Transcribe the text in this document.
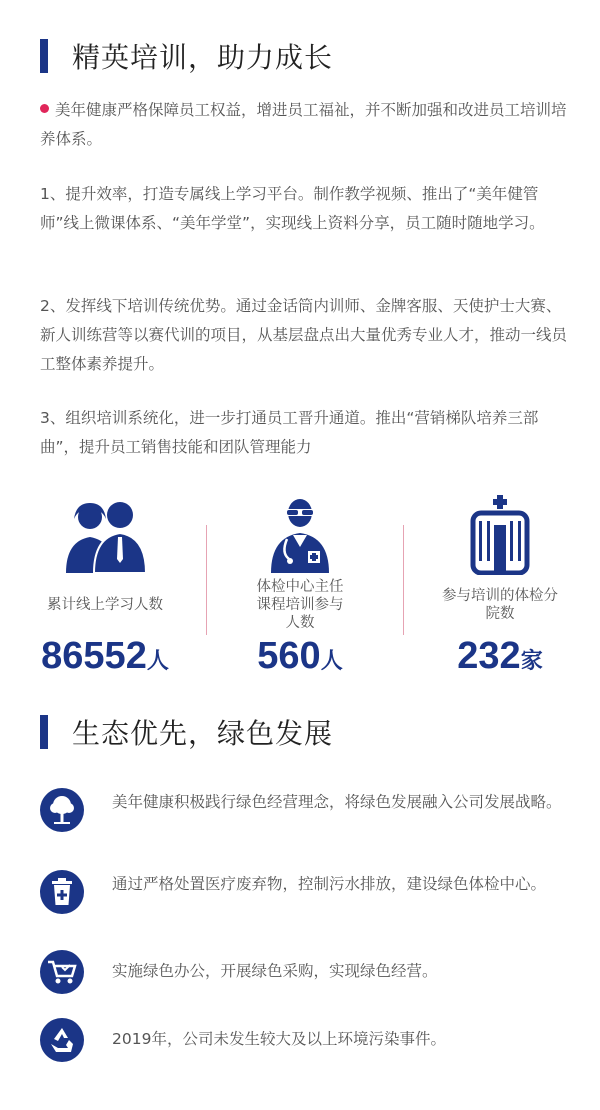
精英培训，助力成长
美年健康严格保障员工权益，增进员工福祉，并不断加强和改进员工培训培养体系。
1、提升效率，打造专属线上学习平台。制作教学视频、推出了“美年健管师”线上微课体系、“美年学堂”，实现线上资料分享，员工随时随地学习。
2、发挥线下培训传统优势。通过金话筒内训师、金牌客服、天使护士大赛、新人训练营等以赛代训的项目，从基层盘点出大量优秀专业人才，推动一线员工整体素养提升。
3、组织培训系统化，进一步打通员工晋升通道。推出“营销梯队培养三部曲”，提升员工销售技能和团队管理能力
累计线上学习人数
86552人
体检中心主任课程培训参与人数
560人
参与培训的体检分院数
232家
生态优先，绿色发展
美年健康积极践行绿色经营理念，将绿色发展融入公司发展战略。
通过严格处置医疗废弃物，控制污水排放，建设绿色体检中心。
实施绿色办公，开展绿色采购，实现绿色经营。
2019年，公司未发生较大及以上环境污染事件。
